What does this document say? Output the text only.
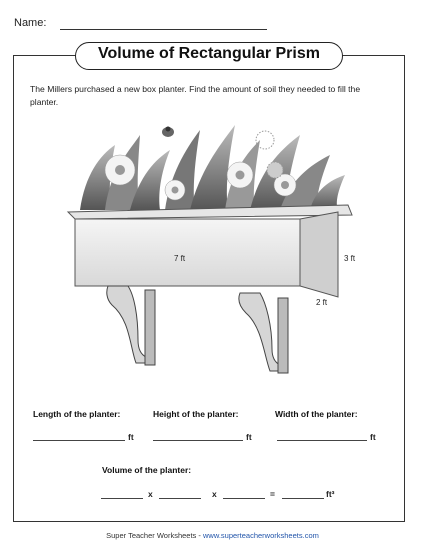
Name:
Volume of Rectangular Prism
The Millers purchased a new box planter. Find the amount of soil they needed to fill the planter.
7 ft	3 ft
2 ft
Length of the planter:	Height of the planter:	Width of the planter:
ft	ft	ft
Volume of the planter:
x	x	=	ft³
Super Teacher Worksheets - www.superteacherworksheets.com
